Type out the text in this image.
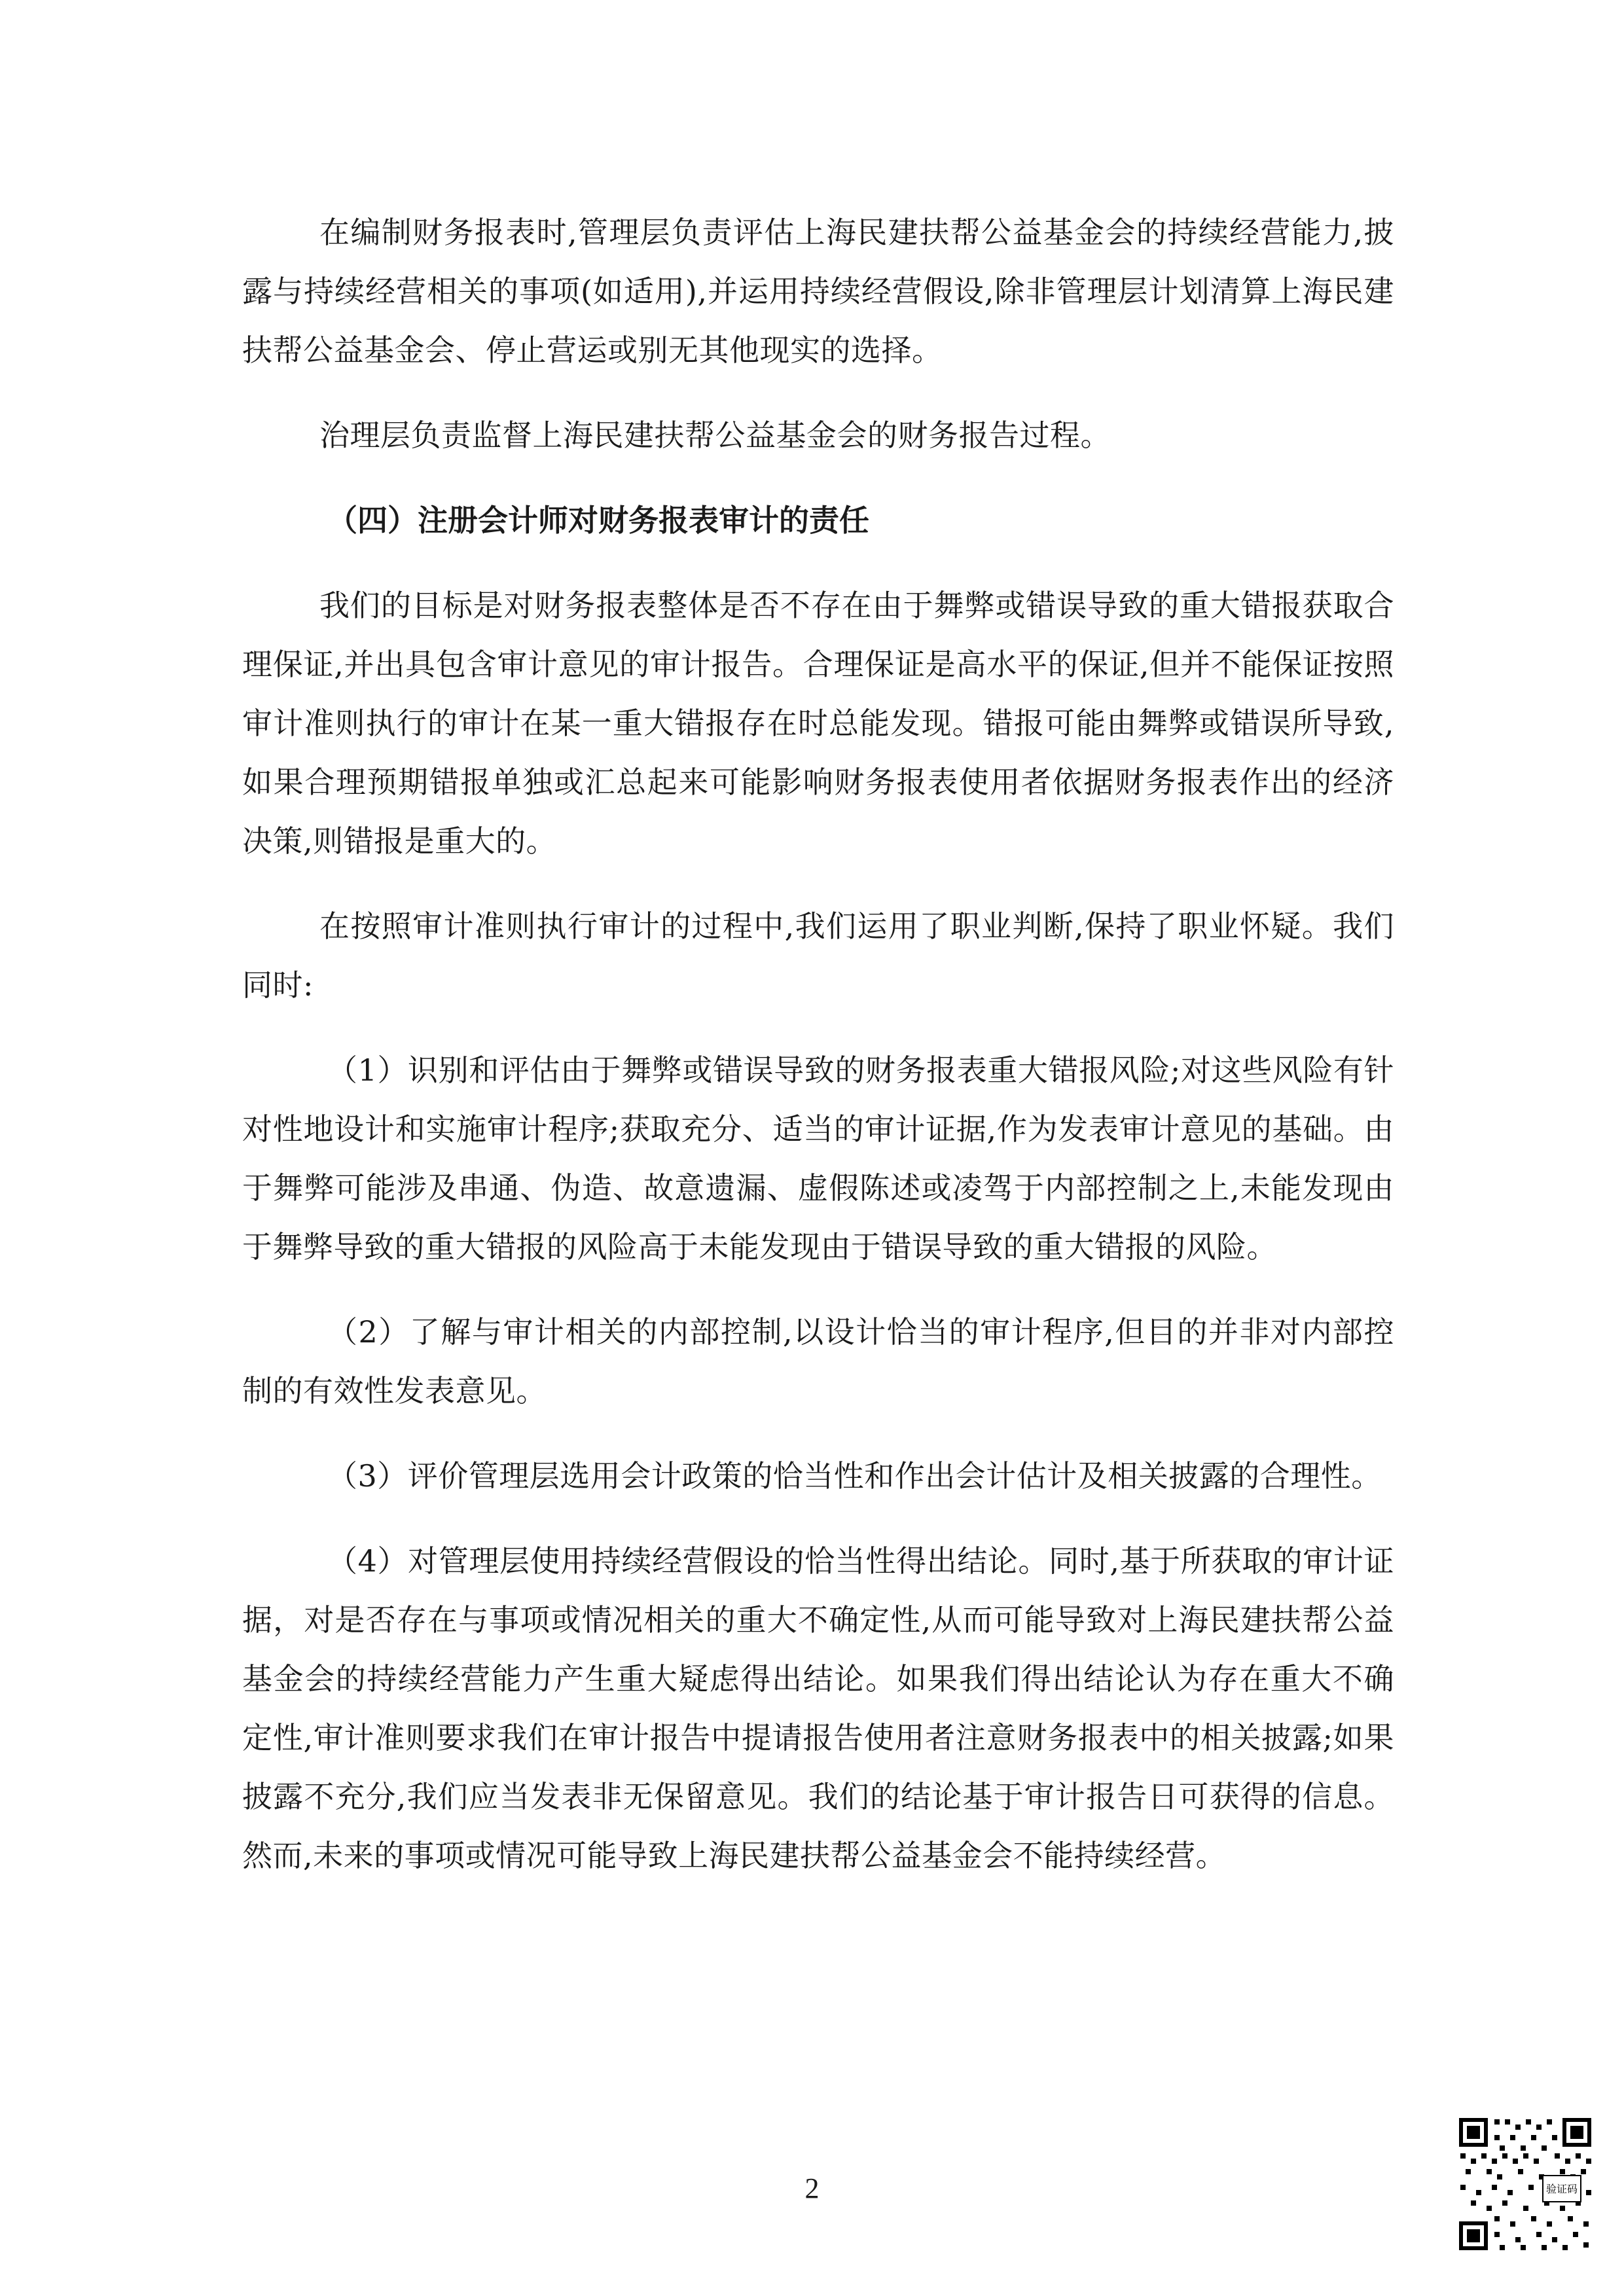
在编制财务报表时,管理层负责评估上海民建扶帮公益基金会的持续经营能力,披露与持续经营相关的事项(如适用),并运用持续经营假设,除非管理层计划清算上海民建扶帮公益基金会、停止营运或别无其他现实的选择。

治理层负责监督上海民建扶帮公益基金会的财务报告过程。

（四）注册会计师对财务报表审计的责任

我们的目标是对财务报表整体是否不存在由于舞弊或错误导致的重大错报获取合理保证,并出具包含审计意见的审计报告。合理保证是高水平的保证,但并不能保证按照审计准则执行的审计在某一重大错报存在时总能发现。错报可能由舞弊或错误所导致,如果合理预期错报单独或汇总起来可能影响财务报表使用者依据财务报表作出的经济决策,则错报是重大的。

在按照审计准则执行审计的过程中,我们运用了职业判断,保持了职业怀疑。我们同时:

（1）识别和评估由于舞弊或错误导致的财务报表重大错报风险;对这些风险有针对性地设计和实施审计程序;获取充分、适当的审计证据,作为发表审计意见的基础。由于舞弊可能涉及串通、伪造、故意遗漏、虚假陈述或凌驾于内部控制之上,未能发现由于舞弊导致的重大错报的风险高于未能发现由于错误导致的重大错报的风险。

（2）了解与审计相关的内部控制,以设计恰当的审计程序,但目的并非对内部控制的有效性发表意见。

（3）评价管理层选用会计政策的恰当性和作出会计估计及相关披露的合理性。

（4）对管理层使用持续经营假设的恰当性得出结论。同时,基于所获取的审计证据，对是否存在与事项或情况相关的重大不确定性,从而可能导致对上海民建扶帮公益基金会的持续经营能力产生重大疑虑得出结论。如果我们得出结论认为存在重大不确定性,审计准则要求我们在审计报告中提请报告使用者注意财务报表中的相关披露;如果披露不充分,我们应当发表非无保留意见。我们的结论基于审计报告日可获得的信息。然而,未来的事项或情况可能导致上海民建扶帮公益基金会不能持续经营。

2	验证码
